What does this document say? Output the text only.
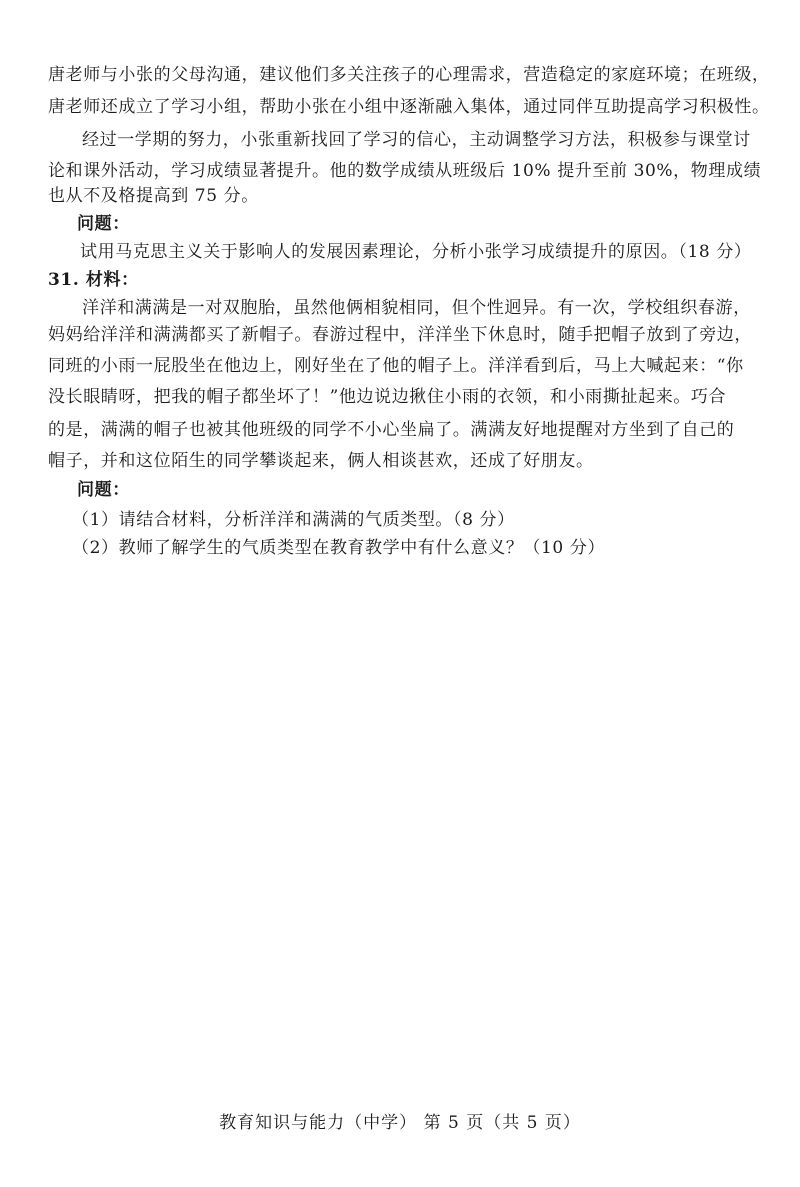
唐老师与小张的父母沟通，建议他们多关注孩子的心理需求，营造稳定的家庭环境；在班级，
唐老师还成立了学习小组，帮助小张在小组中逐渐融入集体，通过同伴互助提高学习积极性。
经过一学期的努力，小张重新找回了学习的信心，主动调整学习方法，积极参与课堂讨
论和课外活动，学习成绩显著提升。他的数学成绩从班级后 10% 提升至前 30%，物理成绩
也从不及格提高到 75 分。
问题：
试用马克思主义关于影响人的发展因素理论，分析小张学习成绩提升的原因。（18 分）
31. 材料：
洋洋和满满是一对双胞胎，虽然他俩相貌相同，但个性迥异。有一次，学校组织春游，
妈妈给洋洋和满满都买了新帽子。春游过程中，洋洋坐下休息时，随手把帽子放到了旁边，
同班的小雨一屁股坐在他边上，刚好坐在了他的帽子上。洋洋看到后，马上大喊起来：“你
没长眼睛呀，把我的帽子都坐坏了！”他边说边揪住小雨的衣领，和小雨撕扯起来。巧合
的是，满满的帽子也被其他班级的同学不小心坐扁了。满满友好地提醒对方坐到了自己的
帽子，并和这位陌生的同学攀谈起来，俩人相谈甚欢，还成了好朋友。
问题：
（1）请结合材料，分析洋洋和满满的气质类型。（8 分）
（2）教师了解学生的气质类型在教育教学中有什么意义？（10 分）
教育知识与能力（中学） 第 5 页（共 5 页）
